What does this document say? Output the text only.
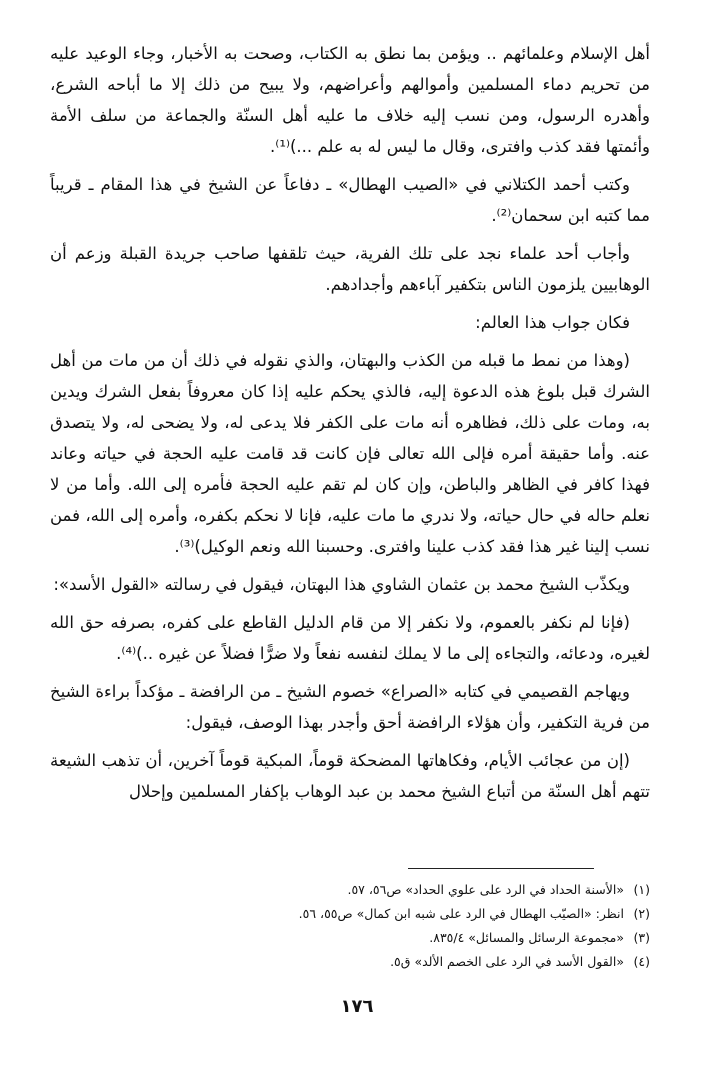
أهل الإسلام وعلمائهم .. ويؤمن بما نطق به الكتاب، وصحت به الأخبار، وجاء الوعيد عليه من تحريم دماء المسلمين وأموالهم وأعراضهم، ولا يبيح من ذلك إلا ما أباحه الشرع، وأهدره الرسول، ومن نسب إليه خلاف ما عليه أهل السنّة والجماعة من سلف الأمة وأئمتها فقد كذب وافترى، وقال ما ليس له به علم ...)⁽¹⁾.

وكتب أحمد الكتلاني في «الصيب الهطال» ـ دفاعاً عن الشيخ في هذا المقام ـ قريباً مما كتبه ابن سحمان⁽²⁾.

وأجاب أحد علماء نجد على تلك الفرية، حيث تلقفها صاحب جريدة القبلة وزعم أن الوهابيين يلزمون الناس بتكفير آباءهم وأجدادهم.

فكان جواب هذا العالم:

(وهذا من نمط ما قبله من الكذب والبهتان، والذي نقوله في ذلك أن من مات من أهل الشرك قبل بلوغ هذه الدعوة إليه، فالذي يحكم عليه إذا كان معروفاً بفعل الشرك ويدين به، ومات على ذلك، فظاهره أنه مات على الكفر فلا يدعى له، ولا يضحى له، ولا يتصدق عنه. وأما حقيقة أمره فإلى الله تعالى فإن كانت قد قامت عليه الحجة في حياته وعاند فهذا كافر في الظاهر والباطن، وإن كان لم تقم عليه الحجة فأمره إلى الله. وأما من لا نعلم حاله في حال حياته، ولا ندري ما مات عليه، فإنا لا نحكم بكفره، وأمره إلى الله، فمن نسب إلينا غير هذا فقد كذب علينا وافترى. وحسبنا الله ونعم الوكيل)⁽³⁾.

ويكذّب الشيخ محمد بن عثمان الشاوي هذا البهتان، فيقول في رسالته «القول الأسد»:

(فإنا لم نكفر بالعموم، ولا نكفر إلا من قام الدليل القاطع على كفره، بصرفه حق الله لغيره، ودعائه، والتجاءه إلى ما لا يملك لنفسه نفعاً ولا ضرًّا فضلاً عن غيره ..)⁽⁴⁾.

ويهاجم القصيمي في كتابه «الصراع» خصوم الشيخ ـ من الرافضة ـ مؤكداً براءة الشيخ من فرية التكفير، وأن هؤلاء الرافضة أحق وأجدر بهذا الوصف، فيقول:

(إن من عجائب الأيام، وفكاهاتها المضحكة قوماً، المبكية قوماً آخرين، أن تذهب الشيعة تتهم أهل السنّة من أتباع الشيخ محمد بن عبد الوهاب بإكفار المسلمين وإحلال

(١)
«الأسنة الحداد في الرد على علوي الحداد» ص٥٦، ٥٧.
(٢)
انظر: «الصيّب الهطال في الرد على شبه ابن كمال» ص٥٥، ٥٦.
(٣)
«مجموعة الرسائل والمسائل» ٨٣٥/٤.
(٤)
«القول الأسد في الرد على الخصم الألد» ق٥.
١٧٦
